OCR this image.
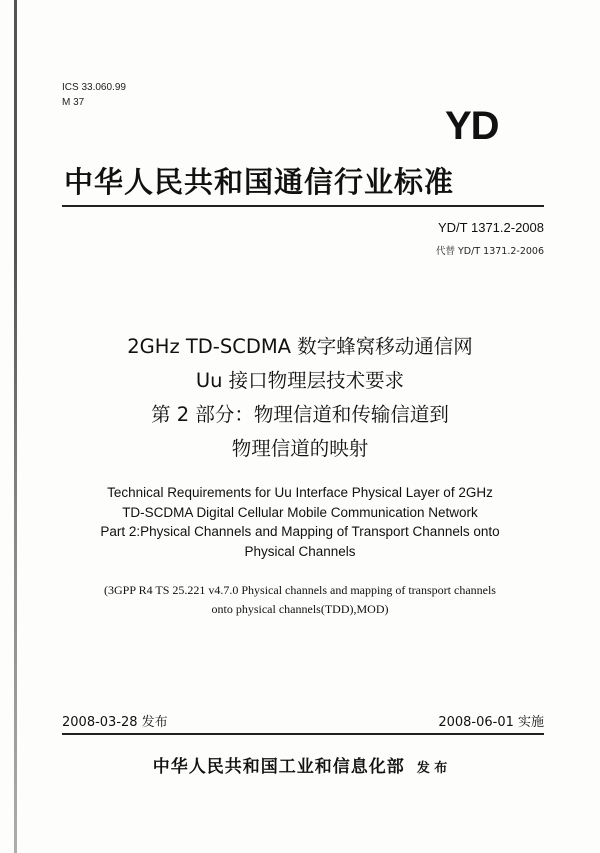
ICS 33.060.99
M 37
YD
中华人民共和国通信行业标准
YD/T 1371.2-2008
代替 YD/T 1371.2-2006
2GHz TD-SCDMA 数字蜂窝移动通信网
Uu 接口物理层技术要求
第 2 部分：物理信道和传输信道到
物理信道的映射
Technical Requirements for Uu Interface Physical Layer of 2GHz
TD-SCDMA Digital Cellular Mobile Communication Network
Part 2:Physical Channels and Mapping of Transport Channels onto
Physical Channels
(3GPP R4 TS 25.221 v4.7.0 Physical channels and mapping of transport channels
onto physical channels(TDD),MOD)
2008-03-28 发布	2008-06-01 实施
中华人民共和国工业和信息化部 发 布
